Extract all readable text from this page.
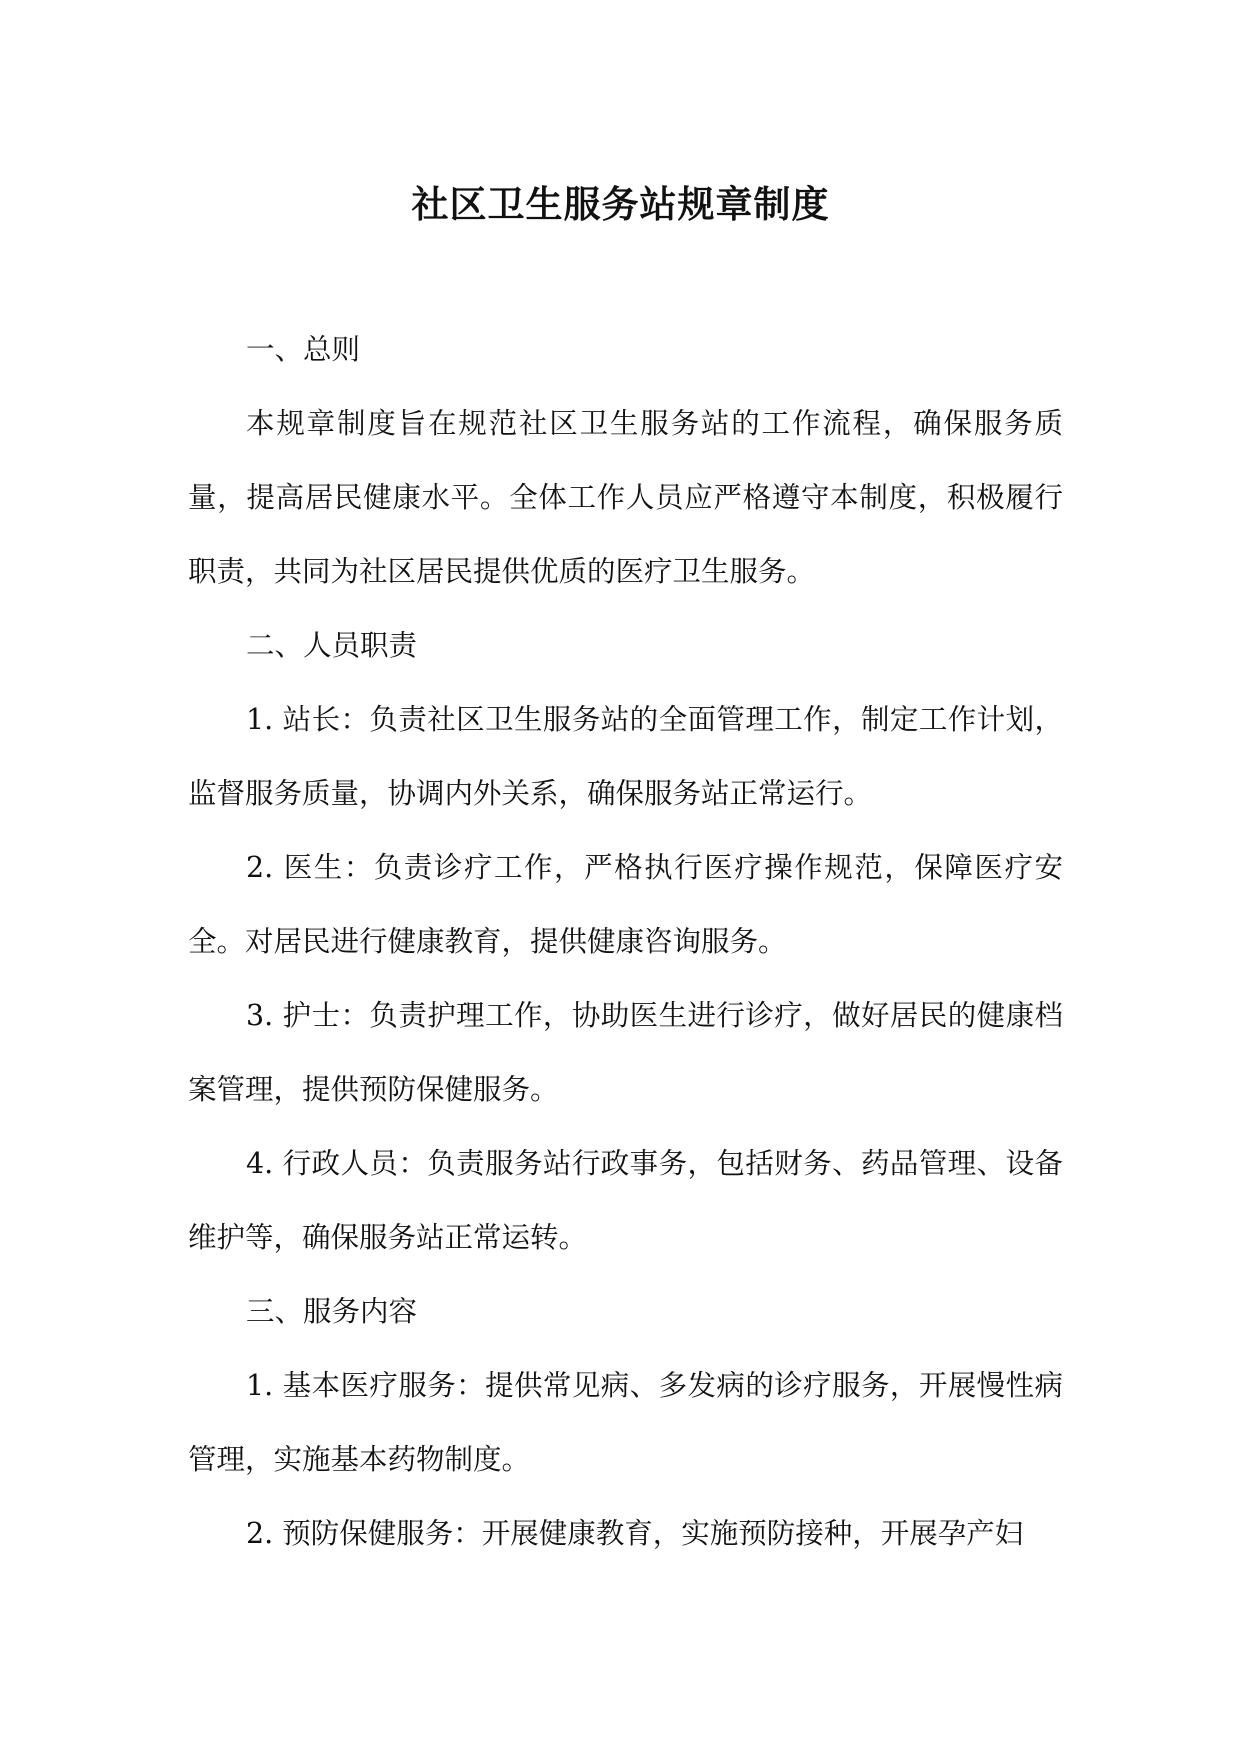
社区卫生服务站规章制度

一、总则

本规章制度旨在规范社区卫生服务站的工作流程，确保服务质量，提高居民健康水平。全体工作人员应严格遵守本制度，积极履行职责，共同为社区居民提供优质的医疗卫生服务。

二、人员职责

1. 站长：负责社区卫生服务站的全面管理工作，制定工作计划，监督服务质量，协调内外关系，确保服务站正常运行。

2. 医生：负责诊疗工作，严格执行医疗操作规范，保障医疗安全。对居民进行健康教育，提供健康咨询服务。

3. 护士：负责护理工作，协助医生进行诊疗，做好居民的健康档案管理，提供预防保健服务。

4. 行政人员：负责服务站行政事务，包括财务、药品管理、设备维护等，确保服务站正常运转。

三、服务内容

1. 基本医疗服务：提供常见病、多发病的诊疗服务，开展慢性病管理，实施基本药物制度。

2. 预防保健服务：开展健康教育，实施预防接种，开展孕产妇
